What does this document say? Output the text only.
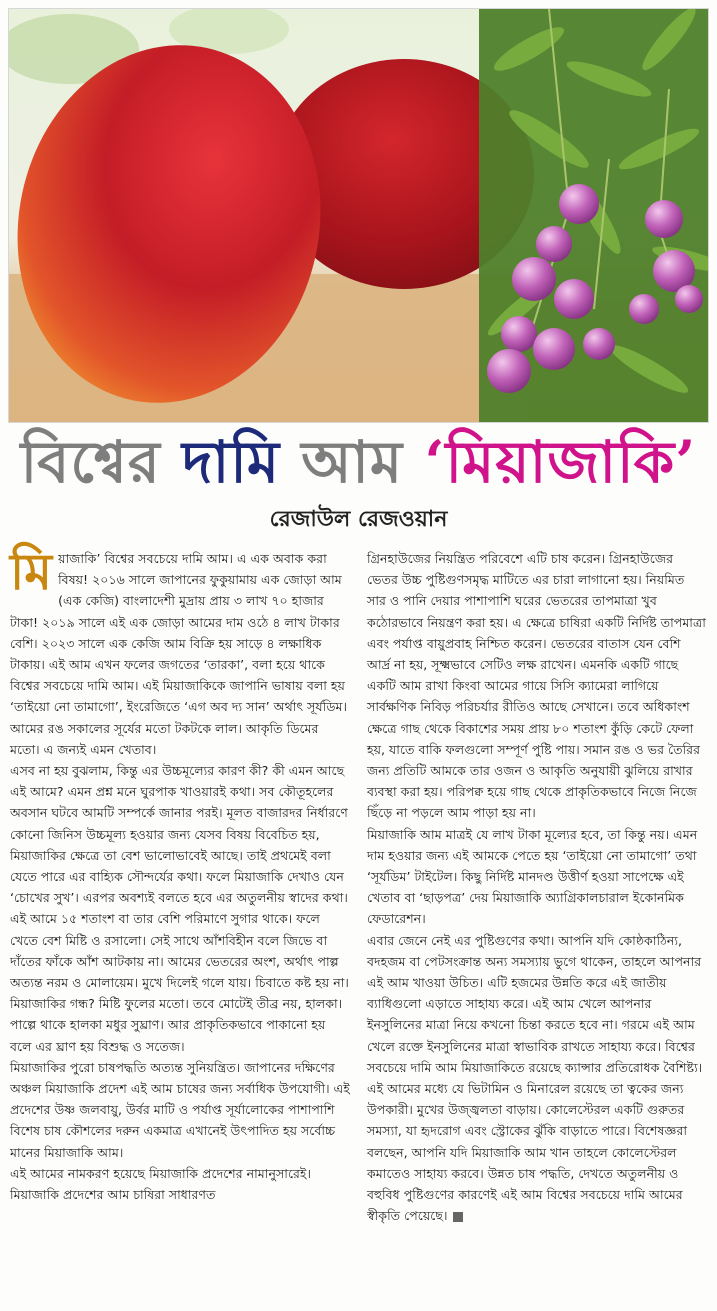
বিশ্বের দামি আম ‘মিয়াজাকি’
রেজাউল রেজওয়ান

মিয়াজাকি’ বিশ্বের সবচেয়ে দামি আম। এ এক অবাক করা বিষয়! ২০১৬ সালে জাপানের ফুকুয়ামায় এক জোড়া আম (এক কেজি) বাংলাদেশী মুদ্রায় প্রায় ৩ লাখ ৭০ হাজার টাকা! ২০১৯ সালে এই এক জোড়া আমের দাম ওঠে ৪ লাখ টাকার বেশি। ২০২৩ সালে এক কেজি আম বিক্রি হয় সাড়ে ৪ লক্ষাধিক টাকায়। এই আম এখন ফলের জগতের ‘তারকা’, বলা হয়ে থাকে বিশ্বের সবচেয়ে দামি আম। এই মিয়াজাকিকে জাপানি ভাষায় বলা হয় ‘তাইয়ো নো তামাগো’, ইংরেজিতে ‘এগ অব দ্য সান’ অর্থাৎ সূর্যডিম। আমের রঙ সকালের সূর্যের মতো টকটকে লাল। আকৃতি ডিমের মতো। এ জন্যই এমন খেতাব।

এসব না হয় বুঝলাম, কিন্তু এর উচ্চমূল্যের কারণ কী? কী এমন আছে এই আমে? এমন প্রশ্ন মনে ঘুরপাক খাওয়ারই কথা। সব কৌতূহলের অবসান ঘটবে আমটি সম্পর্কে জানার পরই। মূলত বাজারদর নির্ধারণে কোনো জিনিস উচ্চমূল্য হওয়ার জন্য যেসব বিষয় বিবেচিত হয়, মিয়াজাকির ক্ষেত্রে তা বেশ ভালোভাবেই আছে। তাই প্রথমেই বলা যেতে পারে এর বাহ্যিক সৌন্দর্যের কথা। ফলে মিয়াজাকি দেখাও যেন ‘চোখের সুখ’। এরপর অবশ্যই বলতে হবে এর অতুলনীয় স্বাদের কথা। এই আমে ১৫ শতাংশ বা তার বেশি পরিমাণে সুগার থাকে। ফলে খেতে বেশ মিষ্টি ও রসালো। সেই সাথে আঁশবিহীন বলে জিভে বা দাঁতের ফাঁকে আঁশ আটকায় না। আমের ভেতরের অংশ, অর্থাৎ পাল্প অত্যন্ত নরম ও মোলায়েম। মুখে দিলেই গলে যায়। চিবাতে কষ্ট হয় না। মিয়াজাকির গন্ধ? মিষ্টি ফুলের মতো। তবে মোটেই তীব্র নয়, হালকা। পাল্পে থাকে হালকা মধুর সুঘ্রাণ। আর প্রাকৃতিকভাবে পাকানো হয় বলে এর ঘ্রাণ হয় বিশুদ্ধ ও সতেজ।

মিয়াজাকির পুরো চাষপদ্ধতি অত্যন্ত সুনিয়ন্ত্রিত। জাপানের দক্ষিণের অঞ্চল মিয়াজাকি প্রদেশ এই আম চাষের জন্য সর্বাধিক উপযোগী। এই প্রদেশের উষ্ণ জলবায়ু, উর্বর মাটি ও পর্যাপ্ত সূর্যালোকের পাশাপাশি বিশেষ চাষ কৌশলের দরুন একমাত্র এখানেই উৎপাদিত হয় সর্বোচ্চ মানের মিয়াজাকি আম।

এই আমের নামকরণ হয়েছে মিয়াজাকি প্রদেশের নামানুসারেই। মিয়াজাকি প্রদেশের আম চাষিরা সাধারণত

গ্রিনহাউজের নিয়ন্ত্রিত পরিবেশে এটি চাষ করেন। গ্রিনহাউজের ভেতর উচ্চ পুষ্টিগুণসমৃদ্ধ মাটিতে এর চারা লাগানো হয়। নিয়মিত সার ও পানি দেয়ার পাশাপাশি ঘরের ভেতরের তাপমাত্রা খুব কঠোরভাবে নিয়ন্ত্রণ করা হয়। এ ক্ষেত্রে চাষিরা একটি নির্দিষ্ট তাপমাত্রা এবং পর্যাপ্ত বায়ুপ্রবাহ নিশ্চিত করেন। ভেতরের বাতাস যেন বেশি আর্দ্র না হয়, সূক্ষ্মভাবে সেটিও লক্ষ রাখেন। এমনকি একটি গাছে একটি আম রাখা কিংবা আমের গায়ে সিসি ক্যামেরা লাগিয়ে সার্বক্ষণিক নিবিড় পরিচর্যার রীতিও আছে সেখানে। তবে অধিকাংশ ক্ষেত্রে গাছ থেকে বিকাশের সময় প্রায় ৮০ শতাংশ কুঁড়ি কেটে ফেলা হয়, যাতে বাকি ফলগুলো সম্পূর্ণ পুষ্টি পায়। সমান রঙ ও ভর তৈরির জন্য প্রতিটি আমকে তার ওজন ও আকৃতি অনুযায়ী ঝুলিয়ে রাখার ব্যবস্থা করা হয়। পরিপক্ব হয়ে গাছ থেকে প্রাকৃতিকভাবে নিজে নিজে ছিঁড়ে না পড়লে আম পাড়া হয় না।

মিয়াজাকি আম মাত্রই যে লাখ টাকা মূল্যের হবে, তা কিন্তু নয়। এমন দাম হওয়ার জন্য এই আমকে পেতে হয় ‘তাইয়ো নো তামাগো’ তথা ‘সূর্যডিম’ টাইটেল। কিছু নির্দিষ্ট মানদণ্ড উত্তীর্ণ হওয়া সাপেক্ষে এই খেতাব বা ‘ছাড়পত্র’ দেয় মিয়াজাকি অ্যাগ্রিকালচারাল ইকোনমিক ফেডারেশন।

এবার জেনে নেই এর পুষ্টিগুণের কথা। আপনি যদি কোষ্ঠকাঠিন্য, বদহজম বা পেটসংক্রান্ত অন্য সমস্যায় ভুগে থাকেন, তাহলে আপনার এই আম খাওয়া উচিত। এটি হজমের উন্নতি করে এই জাতীয় ব্যাধিগুলো এড়াতে সাহায্য করে। এই আম খেলে আপনার ইনসুলিনের মাত্রা নিয়ে কখনো চিন্তা করতে হবে না। গরমে এই আম খেলে রক্তে ইনসুলিনের মাত্রা স্বাভাবিক রাখতে সাহায্য করে। বিশ্বের সবচেয়ে দামি আম মিয়াজাকিতে রয়েছে ক্যান্সার প্রতিরোধক বৈশিষ্ট্য। এই আমের মধ্যে যে ভিটামিন ও মিনারেল রয়েছে তা ত্বকের জন্য উপকারী। মুখের উজ্জ্বলতা বাড়ায়। কোলেস্টেরল একটি গুরুতর সমস্যা, যা হৃদরোগ এবং স্ট্রোকের ঝুঁকি বাড়াতে পারে। বিশেষজ্ঞরা বলছেন, আপনি যদি মিয়াজাকি আম খান তাহলে কোলেস্টেরল কমাতেও সাহায্য করবে। উন্নত চাষ পদ্ধতি, দেখতে অতুলনীয় ও বহুবিধ পুষ্টিগুণের কারণেই এই আম বিশ্বের সবচেয়ে দামি আমের স্বীকৃতি পেয়েছে।
